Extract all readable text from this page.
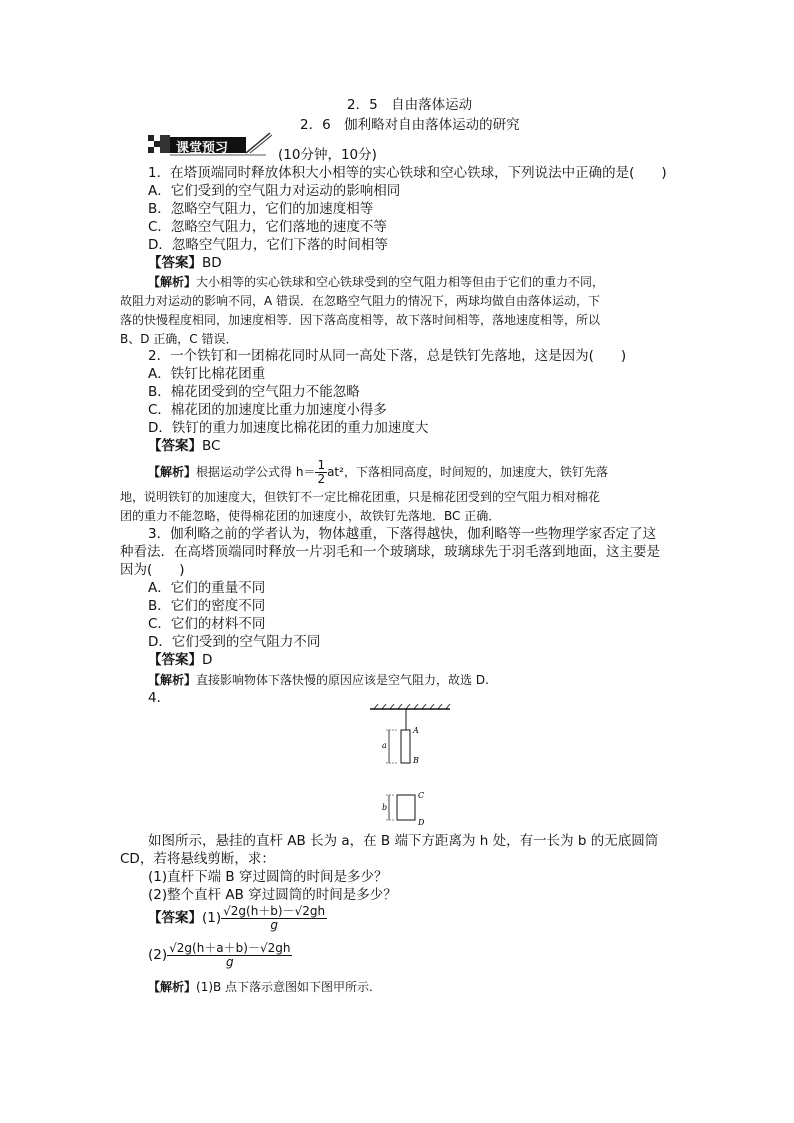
2．5　自由落体运动
2．6　伽利略对自由落体运动的研究
课堂预习	(10分钟，10分)
1．在塔顶端同时释放体积大小相等的实心铁球和空心铁球，下列说法中正确的是(　　)
A．它们受到的空气阻力对运动的影响相同
B．忽略空气阻力，它们的加速度相等
C．忽略空气阻力，它们落地的速度不等
D．忽略空气阻力，它们下落的时间相等
【答案】BD
【解析】大小相等的实心铁球和空心铁球受到的空气阻力相等但由于它们的重力不同，
故阻力对运动的影响不同，A 错误．在忽略空气阻力的情况下，两球均做自由落体运动，下
落的快慢程度相同，加速度相等．因下落高度相等，故下落时间相等，落地速度相等，所以
B、D 正确，C 错误．
2．一个铁钉和一团棉花同时从同一高处下落，总是铁钉先落地，这是因为(　　)
A．铁钉比棉花团重
B．棉花团受到的空气阻力不能忽略
C．棉花团的加速度比重力加速度小得多
D．铁钉的重力加速度比棉花团的重力加速度大
【答案】BC
【解析】根据运动学公式得 $h= \frac{1}{2} at^2$，下落相同高度，时间短的，加速度大，铁钉先落
地，说明铁钉的加速度大，但铁钉不一定比棉花团重，只是棉花团受到的空气阻力相对棉花
团的重力不能忽略，使得棉花团的加速度小，故铁钉先落地．BC 正确．
3．伽利略之前的学者认为，物体越重，下落得越快，伽利略等一些物理学家否定了这
种看法．在高塔顶端同时释放一片羽毛和一个玻璃球，玻璃球先于羽毛落到地面，这主要是
因为(　　)
A．它们的重量不同
B．它们的密度不同
C．它们的材料不同
D．它们受到的空气阻力不同
【答案】D
【解析】直接影响物体下落快慢的原因应该是空气阻力，故选 D.
4.
A
B
a
C
D
b
如图所示，悬挂的直杆 AB 长为 a，在 B 端下方距离为 h 处，有一长为 b 的无底圆筒
CD，若将悬线剪断，求：
(1)直杆下端 B 穿过圆筒的时间是多少？
(2)整个直杆 AB 穿过圆筒的时间是多少？
【答案】$(1) \frac{√2g(h+b)-√2gh}{g}$
$(2) \frac{√2g(h+a+b)-√2gh}{g}$
【解析】(1)B 点下落示意图如下图甲所示.
